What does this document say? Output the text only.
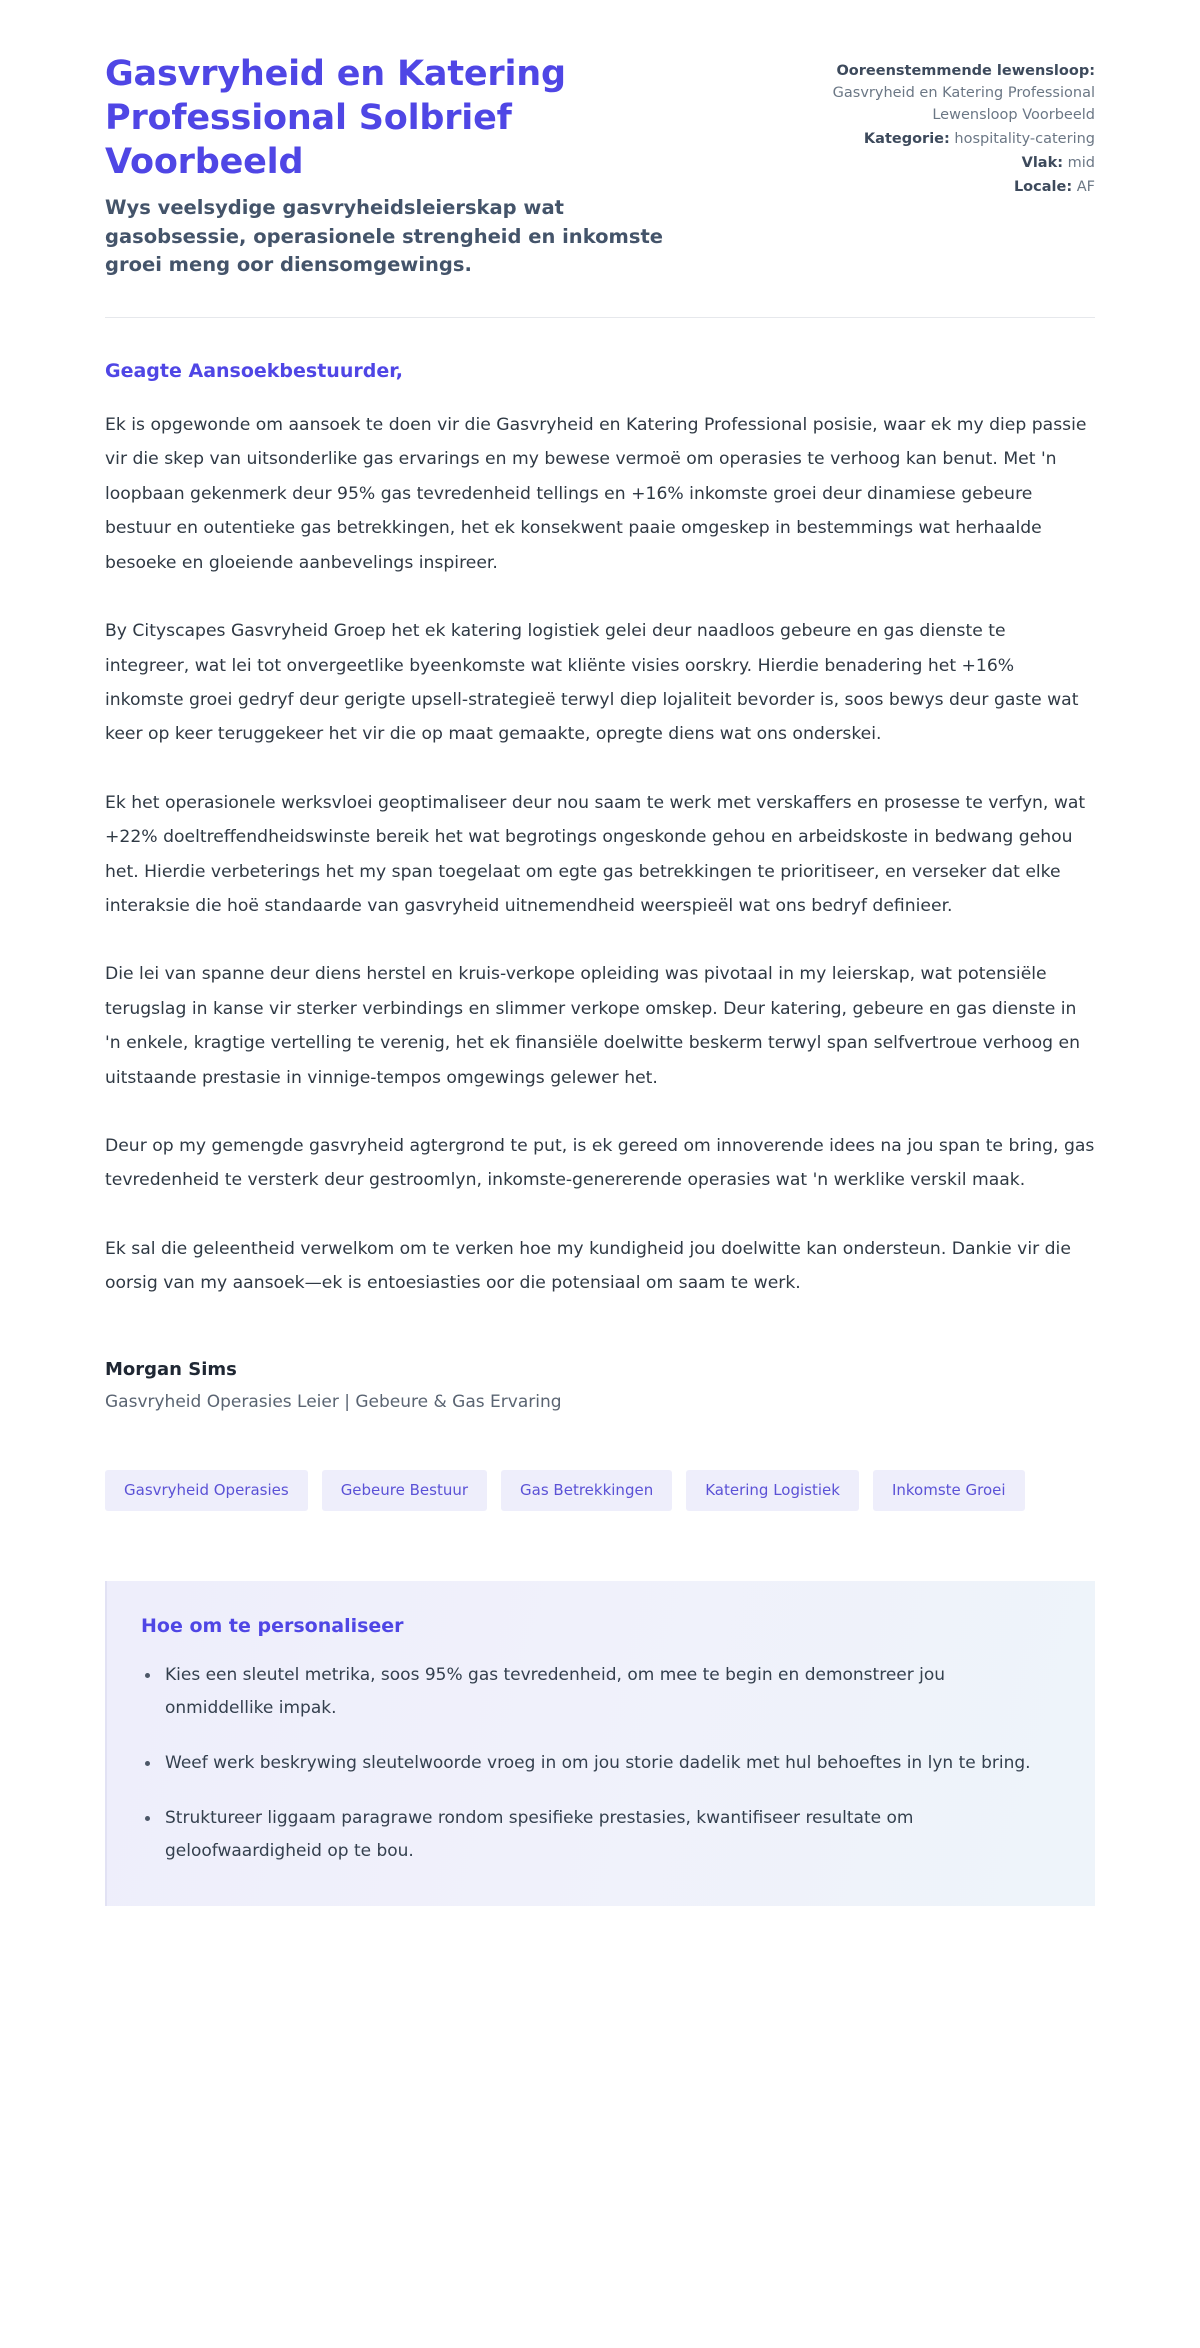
Gasvryheid en Katering Professional Solbrief Voorbeeld

Wys veelsydige gasvryheidsleierskap wat gasobsessie, operasionele strengheid en inkomste groei meng oor diensomgewings.

Ooreenstemmende lewensloop: Gasvryheid en Katering Professional Lewensloop Voorbeeld
Kategorie: hospitality-catering
Vlak: mid
Locale: AF

Geagte Aansoekbestuurder,

Ek is opgewonde om aansoek te doen vir die Gasvryheid en Katering Professional posisie, waar ek my diep passie vir die skep van uitsonderlike gas ervarings en my bewese vermoë om operasies te verhoog kan benut. Met 'n loopbaan gekenmerk deur 95% gas tevredenheid tellings en +16% inkomste groei deur dinamiese gebeure bestuur en outentieke gas betrekkingen, het ek konsekwent paaie omgeskep in bestemmings wat herhaalde besoeke en gloeiende aanbevelings inspireer.

By Cityscapes Gasvryheid Groep het ek katering logistiek gelei deur naadloos gebeure en gas dienste te integreer, wat lei tot onvergeetlike byeenkomste wat kliënte visies oorskry. Hierdie benadering het +16% inkomste groei gedryf deur gerigte upsell-strategieë terwyl diep lojaliteit bevorder is, soos bewys deur gaste wat keer op keer teruggekeer het vir die op maat gemaakte, opregte diens wat ons onderskei.

Ek het operasionele werksvloei geoptimaliseer deur nou saam te werk met verskaffers en prosesse te verfyn, wat +22% doeltreffendheidswinste bereik het wat begrotings ongeskonde gehou en arbeidskoste in bedwang gehou het. Hierdie verbeterings het my span toegelaat om egte gas betrekkingen te prioritiseer, en verseker dat elke interaksie die hoë standaarde van gasvryheid uitnemendheid weerspieël wat ons bedryf definieer.

Die lei van spanne deur diens herstel en kruis-verkope opleiding was pivotaal in my leierskap, wat potensiële terugslag in kanse vir sterker verbindings en slimmer verkope omskep. Deur katering, gebeure en gas dienste in 'n enkele, kragtige vertelling te verenig, het ek finansiële doelwitte beskerm terwyl span selfvertroue verhoog en uitstaande prestasie in vinnige-tempos omgewings gelewer het.

Deur op my gemengde gasvryheid agtergrond te put, is ek gereed om innoverende idees na jou span te bring, gas tevredenheid te versterk deur gestroomlyn, inkomste-genererende operasies wat 'n werklike verskil maak.

Ek sal die geleentheid verwelkom om te verken hoe my kundigheid jou doelwitte kan ondersteun. Dankie vir die oorsig van my aansoek—ek is entoesiasties oor die potensiaal om saam te werk.

Morgan Sims

Gasvryheid Operasies Leier | Gebeure & Gas Ervaring

Gasvryheid Operasies	Gebeure Bestuur	Gas Betrekkingen	Katering Logistiek	Inkomste Groei
Hoe om te personaliseer
Kies een sleutel metrika, soos 95% gas tevredenheid, om mee te begin en demonstreer jou onmiddellike impak.
Weef werk beskrywing sleutelwoorde vroeg in om jou storie dadelik met hul behoeftes in lyn te bring.
Struktureer liggaam paragrawe rondom spesifieke prestasies, kwantifiseer resultate om geloofwaardigheid op te bou.
